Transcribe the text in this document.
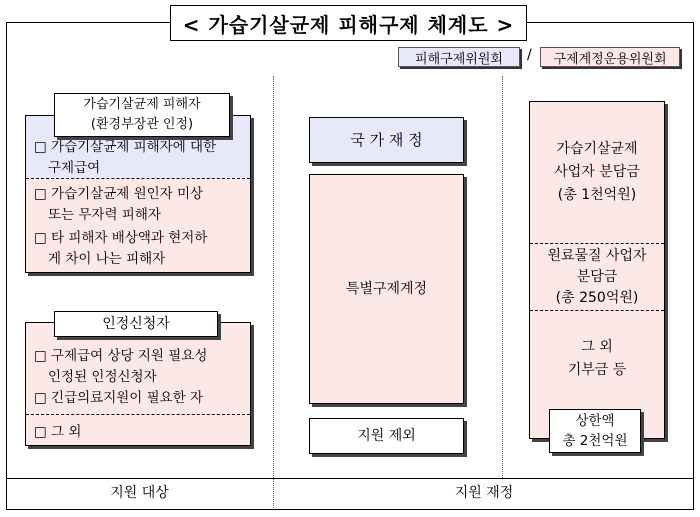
< 가습기살균제 피해구제 체계도 >
피해구제위원회	/	구제계정운용위원회
□ 가습기살균제 피해자에 대한
구제급여
□ 가습기살균제 원인자 미상
또는 무자력 피해자
□ 타 피해자 배상액과 현저하
게 차이 나는 피해자
가습기살균제 피해자
(환경부장관 인정)
□ 구제급여 상당 지원 필요성
인정된 인정신청자
□ 긴급의료지원이 필요한 자
□ 그 외
인정신청자
국 가 재 정
특별구제계정
지원 제외
가습기살균제
사업자 분담금
(총 1천억원)
원료물질 사업자
분담금
(총 250억원)
그 외
기부금 등
상한액
총 2천억원
지원 대상	지원 재정
